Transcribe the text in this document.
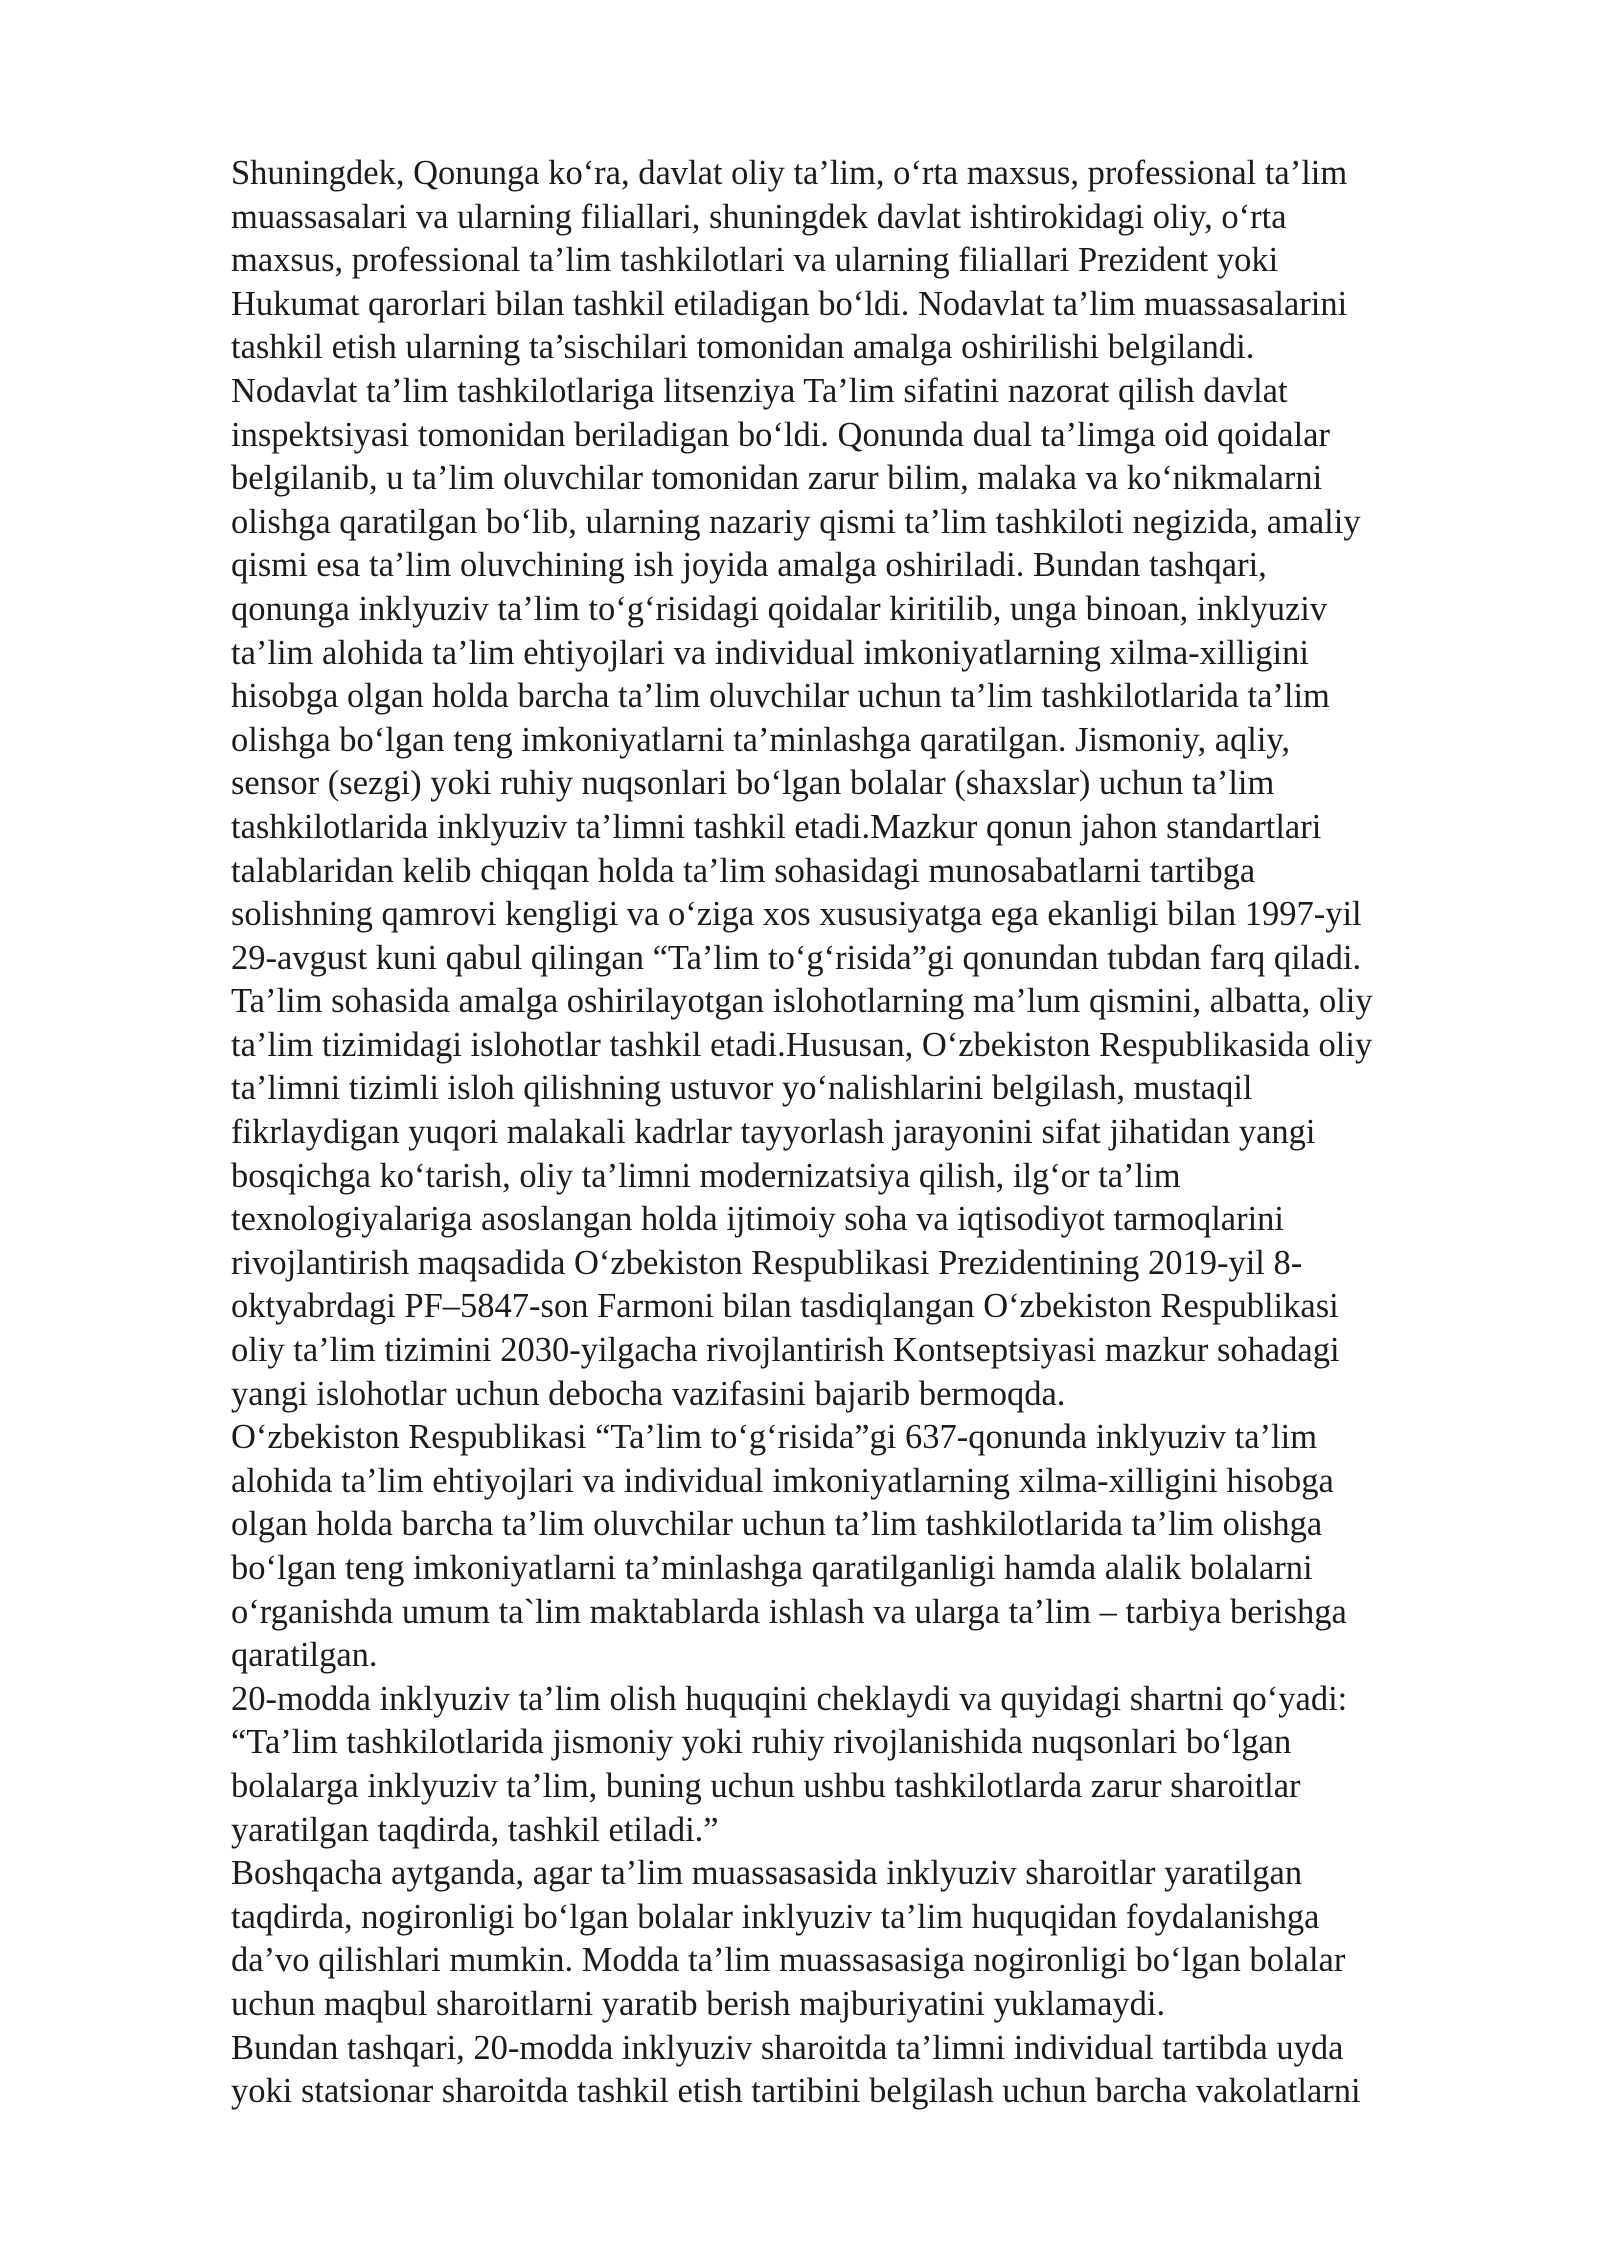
Shuningdek, Qonunga ko‘ra, davlat oliy ta’lim, o‘rta maxsus, professional ta’lim

muassasalari va ularning filiallari, shuningdek davlat ishtirokidagi oliy, o‘rta

maxsus, professional ta’lim tashkilotlari va ularning filiallari Prezident yoki

Hukumat qarorlari bilan tashkil etiladigan bo‘ldi. Nodavlat ta’lim muassasalarini

tashkil etish ularning ta’sischilari tomonidan amalga oshirilishi belgilandi.

Nodavlat ta’lim tashkilotlariga litsenziya Ta’lim sifatini nazorat qilish davlat

inspektsiyasi tomonidan beriladigan bo‘ldi. Qonunda dual ta’limga oid qoidalar

belgilanib, u ta’lim oluvchilar tomonidan zarur bilim, malaka va ko‘nikmalarni

olishga qaratilgan bo‘lib, ularning nazariy qismi ta’lim tashkiloti negizida, amaliy

qismi esa ta’lim oluvchining ish joyida amalga oshiriladi. Bundan tashqari,

qonunga inklyuziv ta’lim to‘g‘risidagi qoidalar kiritilib, unga binoan, inklyuziv

ta’lim alohida ta’lim ehtiyojlari va individual imkoniyatlarning xilma-xilligini

hisobga olgan holda barcha ta’lim oluvchilar uchun ta’lim tashkilotlarida ta’lim

olishga bo‘lgan teng imkoniyatlarni ta’minlashga qaratilgan. Jismoniy, aqliy,

sensor (sezgi) yoki ruhiy nuqsonlari bo‘lgan bolalar (shaxslar) uchun ta’lim

tashkilotlarida inklyuziv ta’limni tashkil etadi.Mazkur qonun jahon standartlari

talablaridan kelib chiqqan holda ta’lim sohasidagi munosabatlarni tartibga

solishning qamrovi kengligi va o‘ziga xos xususiyatga ega ekanligi bilan 1997-yil

29-avgust kuni qabul qilingan “Ta’lim to‘g‘risida”gi qonundan tubdan farq qiladi.

Ta’lim sohasida amalga oshirilayotgan islohotlarning ma’lum qismini, albatta, oliy

ta’lim tizimidagi islohotlar tashkil etadi.Hususan, O‘zbekiston Respublikasida oliy

ta’limni tizimli isloh qilishning ustuvor yo‘nalishlarini belgilash, mustaqil

fikrlaydigan yuqori malakali kadrlar tayyorlash jarayonini sifat jihatidan yangi

bosqichga ko‘tarish, oliy ta’limni modernizatsiya qilish, ilg‘or ta’lim

texnologiyalariga asoslangan holda ijtimoiy soha va iqtisodiyot tarmoqlarini

rivojlantirish maqsadida O‘zbekiston Respublikasi Prezidentining 2019-yil 8-

oktyabrdagi PF–5847-son Farmoni bilan tasdiqlangan O‘zbekiston Respublikasi

oliy ta’lim tizimini 2030-yilgacha rivojlantirish Kontseptsiyasi mazkur sohadagi

yangi islohotlar uchun debocha vazifasini bajarib bermoqda.

O‘zbekiston Respublikasi “Ta’lim to‘g‘risida”gi 637-qonunda inklyuziv ta’lim

alohida ta’lim ehtiyojlari va individual imkoniyatlarning xilma-xilligini hisobga

olgan holda barcha ta’lim oluvchilar uchun ta’lim tashkilotlarida ta’lim olishga

bo‘lgan teng imkoniyatlarni ta’minlashga qaratilganligi hamda alalik bolalarni

o‘rganishda umum ta`lim maktablarda ishlash va ularga ta’lim – tarbiya berishga

qaratilgan.

20-modda inklyuziv ta’lim olish huquqini cheklaydi va quyidagi shartni qo‘yadi:

“Ta’lim tashkilotlarida jismoniy yoki ruhiy rivojlanishida nuqsonlari bo‘lgan

bolalarga inklyuziv ta’lim, buning uchun ushbu tashkilotlarda zarur sharoitlar

yaratilgan taqdirda, tashkil etiladi.”

Boshqacha aytganda, agar ta’lim muassasasida inklyuziv sharoitlar yaratilgan

taqdirda, nogironligi bo‘lgan bolalar inklyuziv ta’lim huquqidan foydalanishga

da’vo qilishlari mumkin. Modda ta’lim muassasasiga nogironligi bo‘lgan bolalar

uchun maqbul sharoitlarni yaratib berish majburiyatini yuklamaydi.

Bundan tashqari, 20-modda inklyuziv sharoitda ta’limni individual tartibda uyda

yoki statsionar sharoitda tashkil etish tartibini belgilash uchun barcha vakolatlarni
